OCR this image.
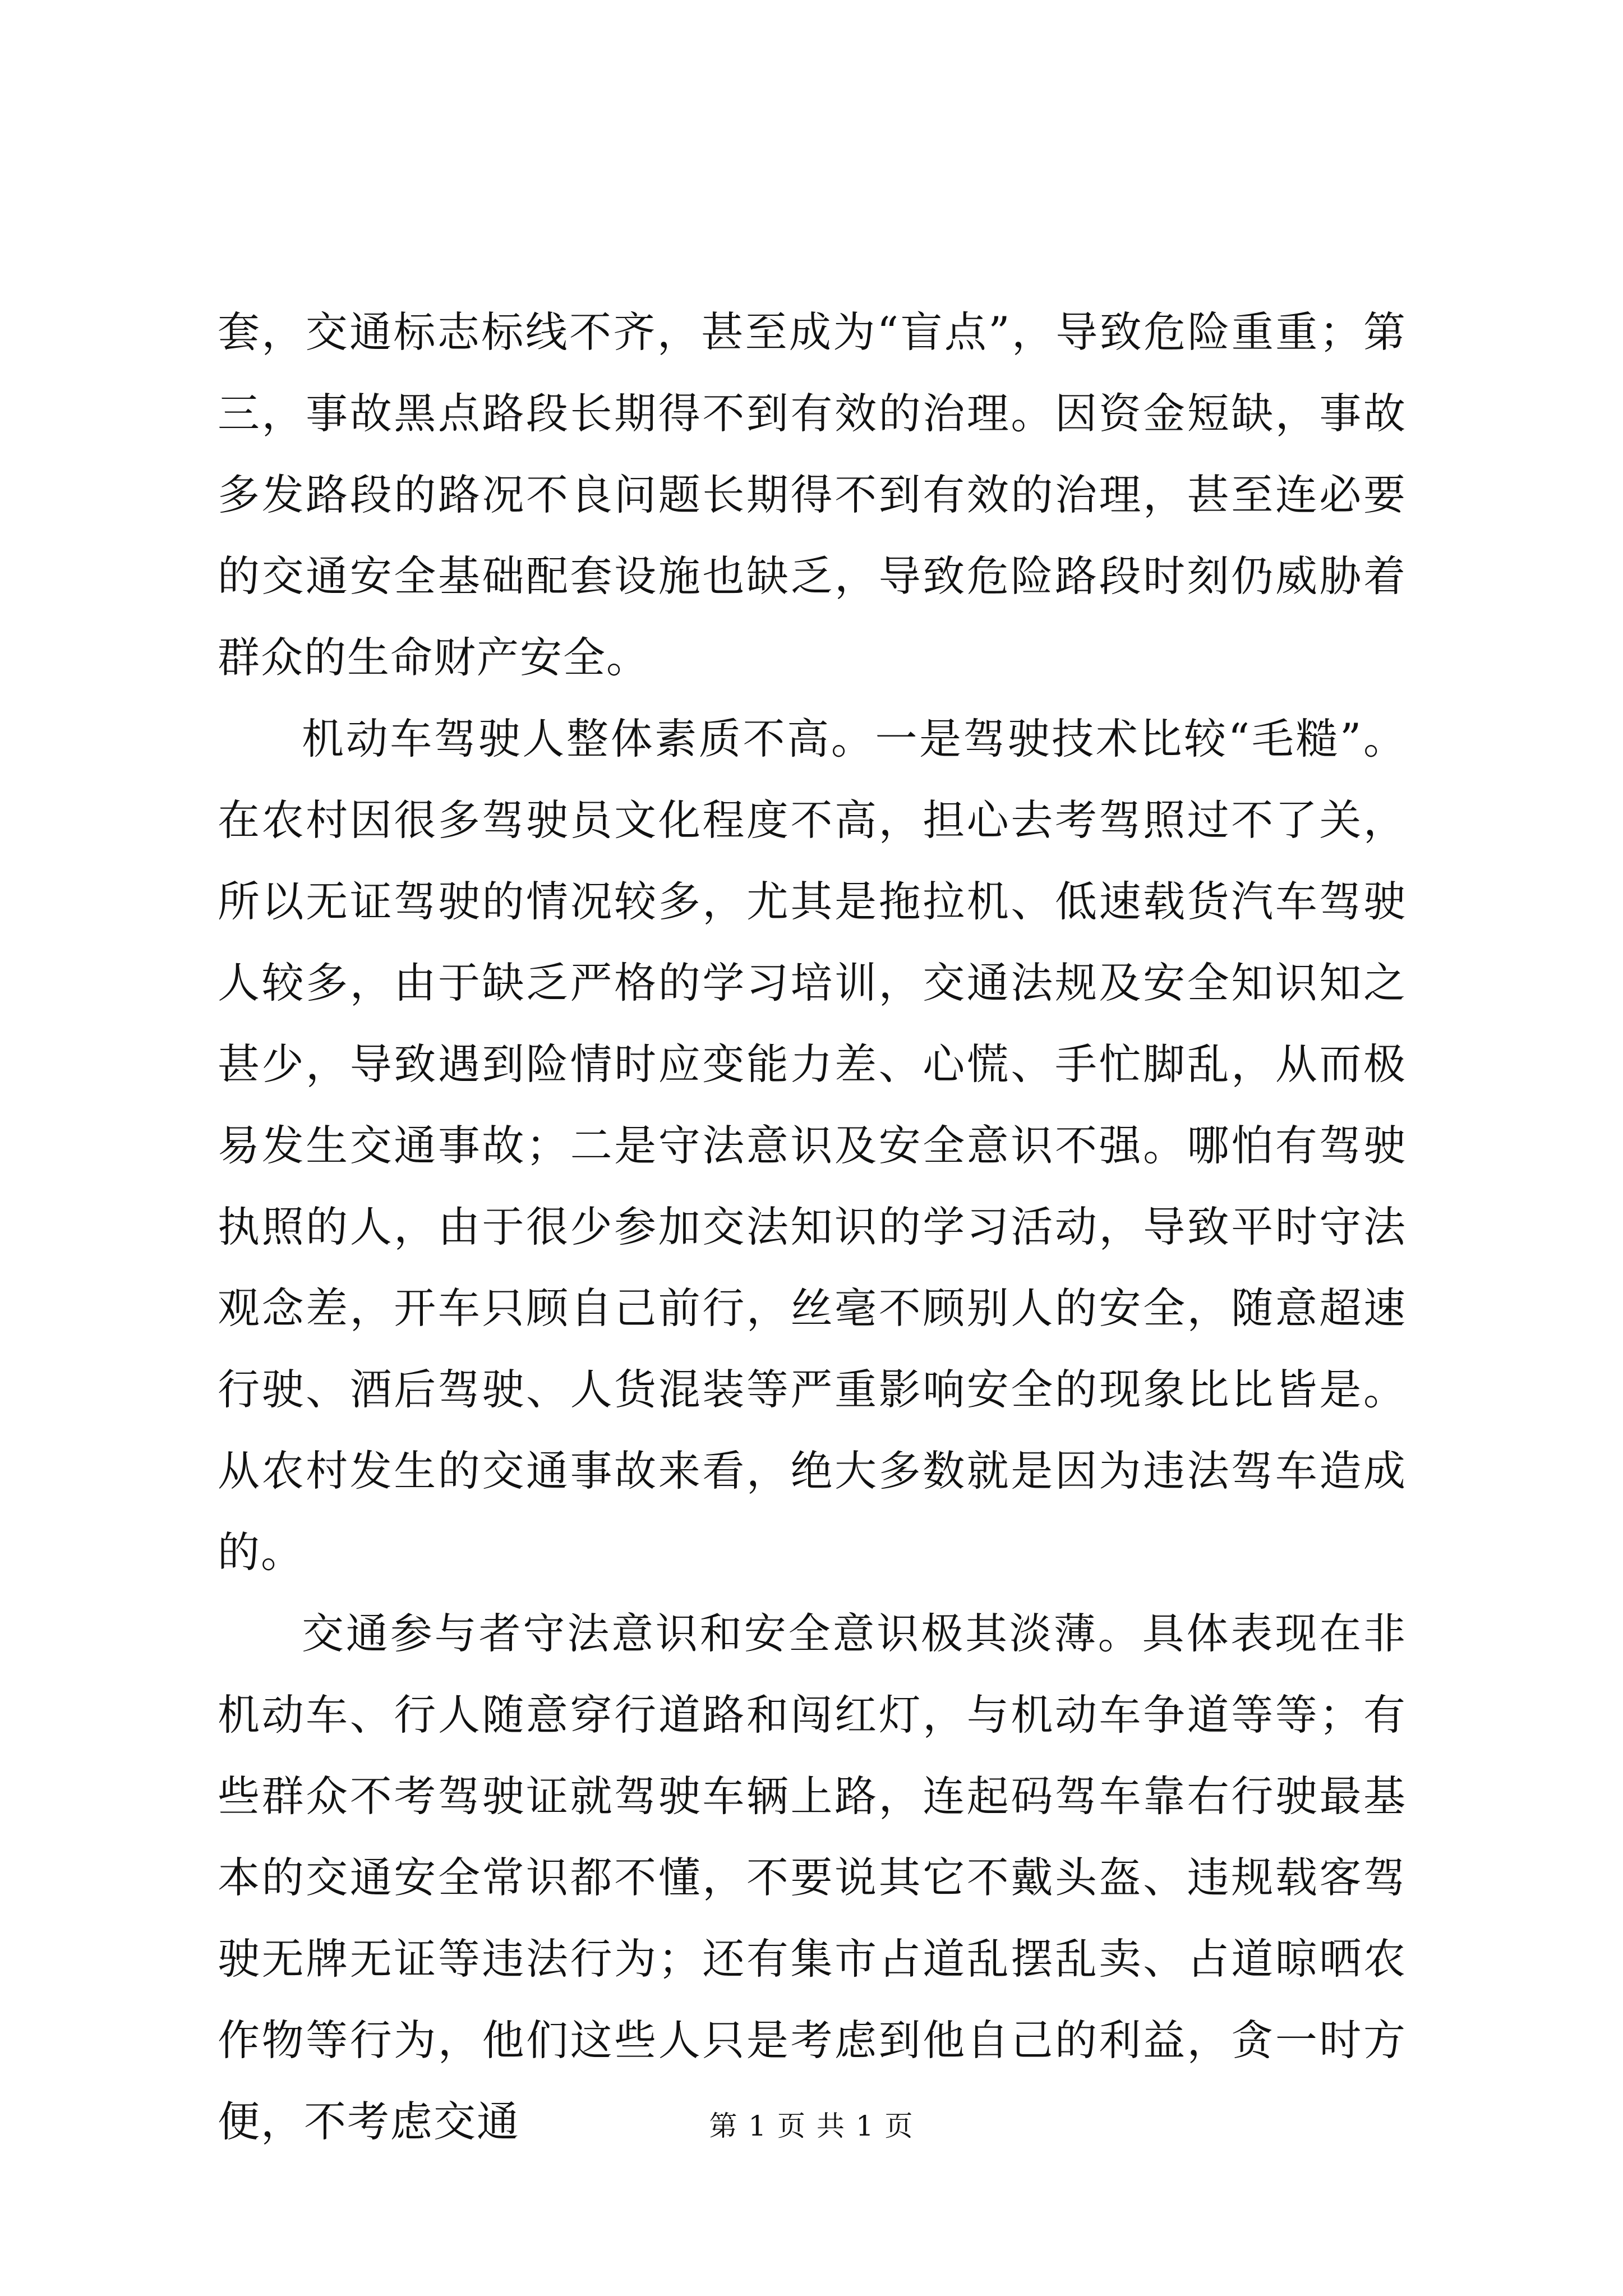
套，交通标志标线不齐，甚至成为“盲点”，导致危险重重；第三，事故黑点路段长期得不到有效的治理。因资金短缺，事故多发路段的路况不良问题长期得不到有效的治理，甚至连必要的交通安全基础配套设施也缺乏，导致危险路段时刻仍威胁着群众的生命财产安全。

机动车驾驶人整体素质不高。一是驾驶技术比较“毛糙”。在农村因很多驾驶员文化程度不高，担心去考驾照过不了关，所以无证驾驶的情况较多，尤其是拖拉机、低速载货汽车驾驶人较多，由于缺乏严格的学习培训，交通法规及安全知识知之甚少，导致遇到险情时应变能力差、心慌、手忙脚乱，从而极易发生交通事故；二是守法意识及安全意识不强。哪怕有驾驶执照的人，由于很少参加交法知识的学习活动，导致平时守法观念差，开车只顾自己前行，丝毫不顾别人的安全，随意超速行驶、酒后驾驶、人货混装等严重影响安全的现象比比皆是。从农村发生的交通事故来看，绝大多数就是因为违法驾车造成的。

交通参与者守法意识和安全意识极其淡薄。具体表现在非机动车、行人随意穿行道路和闯红灯，与机动车争道等等；有些群众不考驾驶证就驾驶车辆上路，连起码驾车靠右行驶最基本的交通安全常识都不懂，不要说其它不戴头盔、违规载客驾驶无牌无证等违法行为；还有集市占道乱摆乱卖、占道晾晒农作物等行为，他们这些人只是考虑到他自己的利益，贪一时方便，不考虑交通	第 1 页 共 1 页
